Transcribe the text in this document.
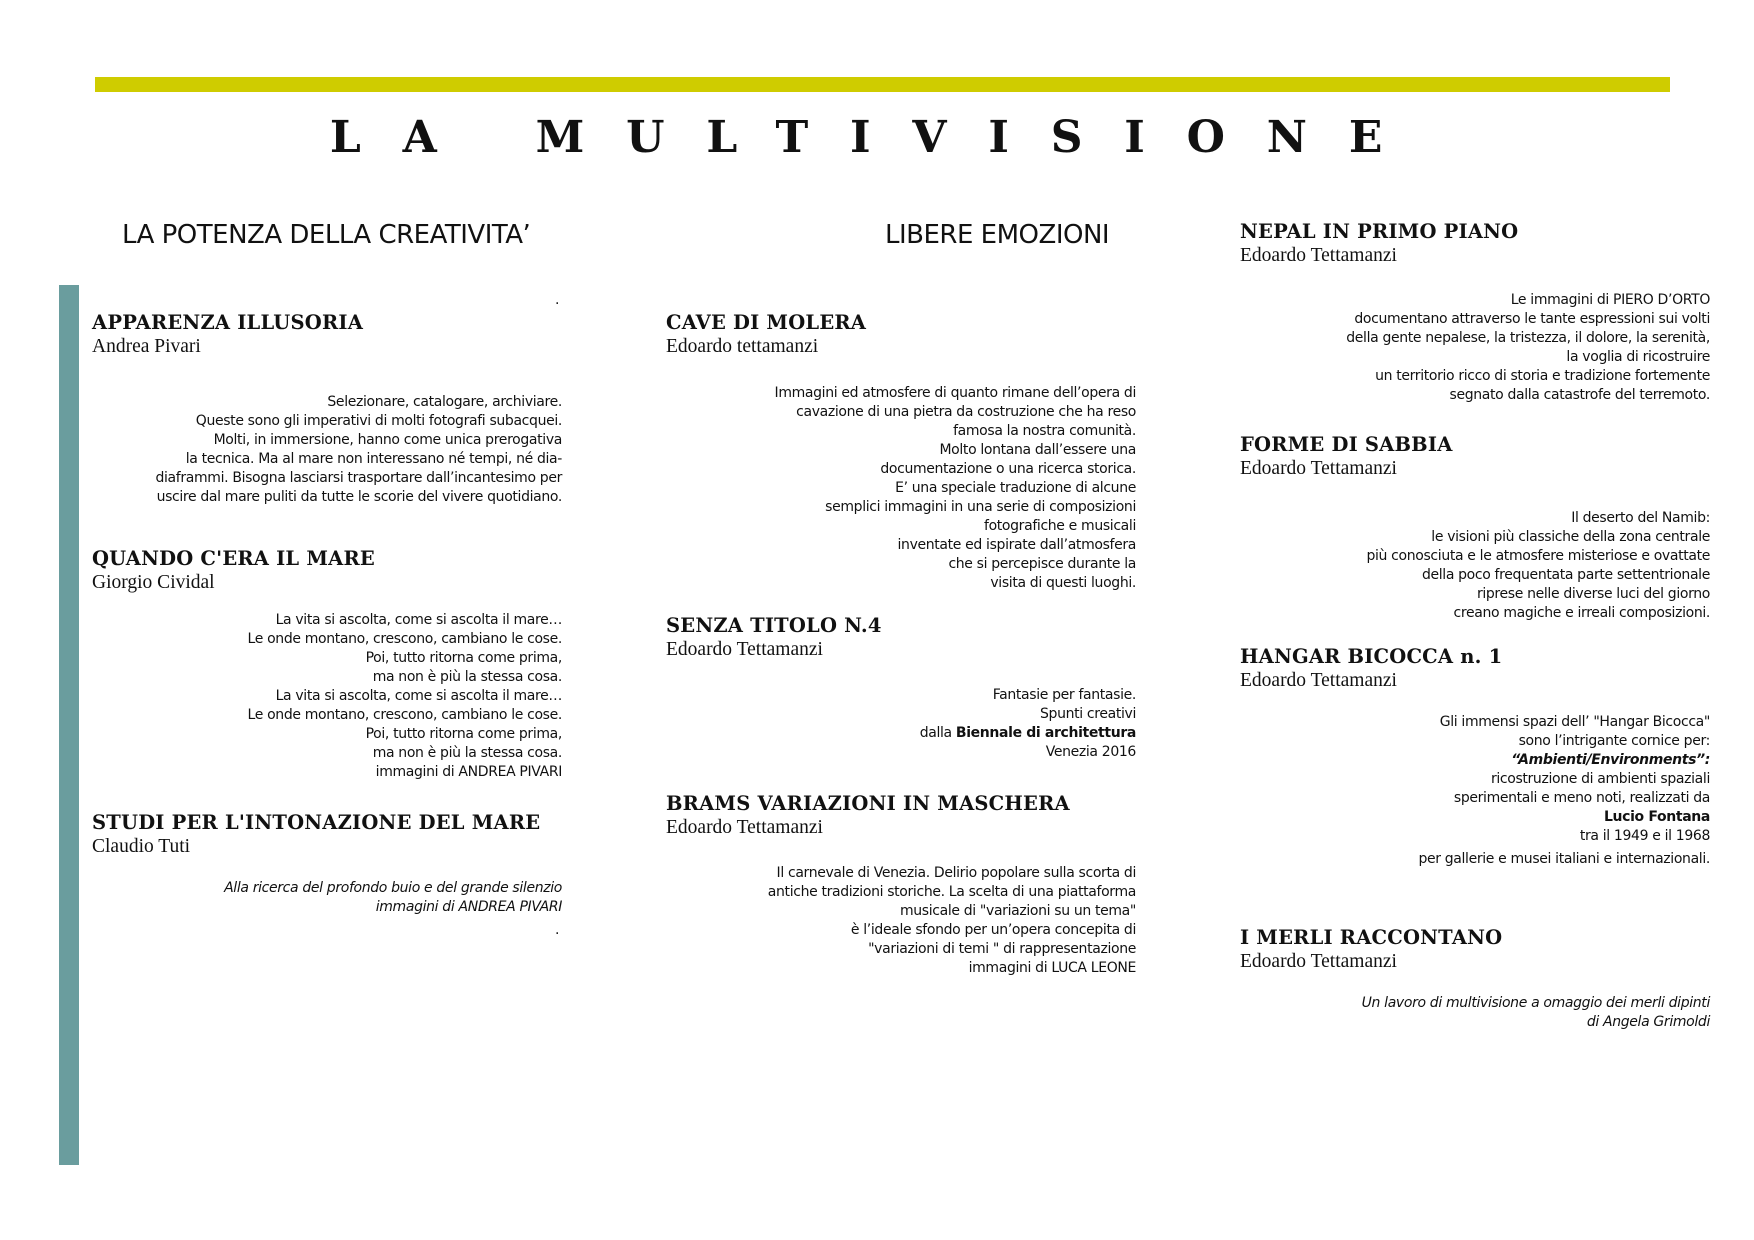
LA MULTIVISIONE
LA POTENZA DELLA CREATIVITA’	LIBERE EMOZIONI
.
.
APPARENZA ILLUSORIA

Andrea Pivari

Selezionare, catalogare, archiviare.
Queste sono gli imperativi di molti fotografi subacquei.
Molti, in immersione, hanno come unica prerogativa
la tecnica. Ma al mare non interessano né tempi, né dia-
diaframmi. Bisogna lasciarsi trasportare dall’incantesimo per
uscire dal mare puliti da tutte le scorie del vivere quotidiano.

QUANDO C'ERA IL MARE

Giorgio Cividal

La vita si ascolta, come si ascolta il mare…
Le onde montano, crescono, cambiano le cose.
Poi, tutto ritorna come prima,
ma non è più la stessa cosa.
La vita si ascolta, come si ascolta il mare…
Le onde montano, crescono, cambiano le cose.
Poi, tutto ritorna come prima,
ma non è più la stessa cosa.
immagini di ANDREA PIVARI

STUDI PER L'INTONAZIONE DEL MARE

Claudio Tuti

Alla ricerca del profondo buio e del grande silenzio
immagini di ANDREA PIVARI

CAVE DI MOLERA

Edoardo tettamanzi

Immagini ed atmosfere di quanto rimane dell’opera di
cavazione di una pietra da costruzione che ha reso
famosa la nostra comunità.
Molto lontana dall’essere una
documentazione o una ricerca storica.
E’ una speciale traduzione di alcune
semplici immagini in una serie di composizioni
fotografiche e musicali
inventate ed ispirate dall’atmosfera
che si percepisce durante la
visita di questi luoghi.

SENZA TITOLO N.4

Edoardo Tettamanzi

Fantasie per fantasie.
Spunti creativi
dalla Biennale di architettura
Venezia 2016

BRAMS VARIAZIONI IN MASCHERA

Edoardo Tettamanzi

Il carnevale di Venezia. Delirio popolare sulla scorta di
antiche tradizioni storiche. La scelta di una piattaforma
musicale di "variazioni su un tema"
è l’ideale sfondo per un’opera concepita di
"variazioni di temi " di rappresentazione
immagini di LUCA LEONE

NEPAL IN PRIMO PIANO

Edoardo Tettamanzi

Le immagini di PIERO D’ORTO
documentano attraverso le tante espressioni sui volti
della gente nepalese, la tristezza, il dolore, la serenità,
la voglia di ricostruire
un territorio ricco di storia e tradizione fortemente
segnato dalla catastrofe del terremoto.

FORME DI SABBIA

Edoardo Tettamanzi

Il deserto del Namib:
le visioni più classiche della zona centrale
più conosciuta e le atmosfere misteriose e ovattate
della poco frequentata parte settentrionale
riprese nelle diverse luci del giorno
creano magiche e irreali composizioni.

HANGAR BICOCCA n. 1

Edoardo Tettamanzi

Gli immensi spazi dell’ "Hangar Bicocca"
sono l’intrigante cornice per:
“Ambienti/Environments”:
ricostruzione di ambienti spaziali
sperimentali e meno noti, realizzati da
Lucio Fontana
tra il 1949 e il 1968
per gallerie e musei italiani e internazionali.

I MERLI RACCONTANO

Edoardo Tettamanzi

Un lavoro di multivisione a omaggio dei merli dipinti
di Angela Grimoldi
